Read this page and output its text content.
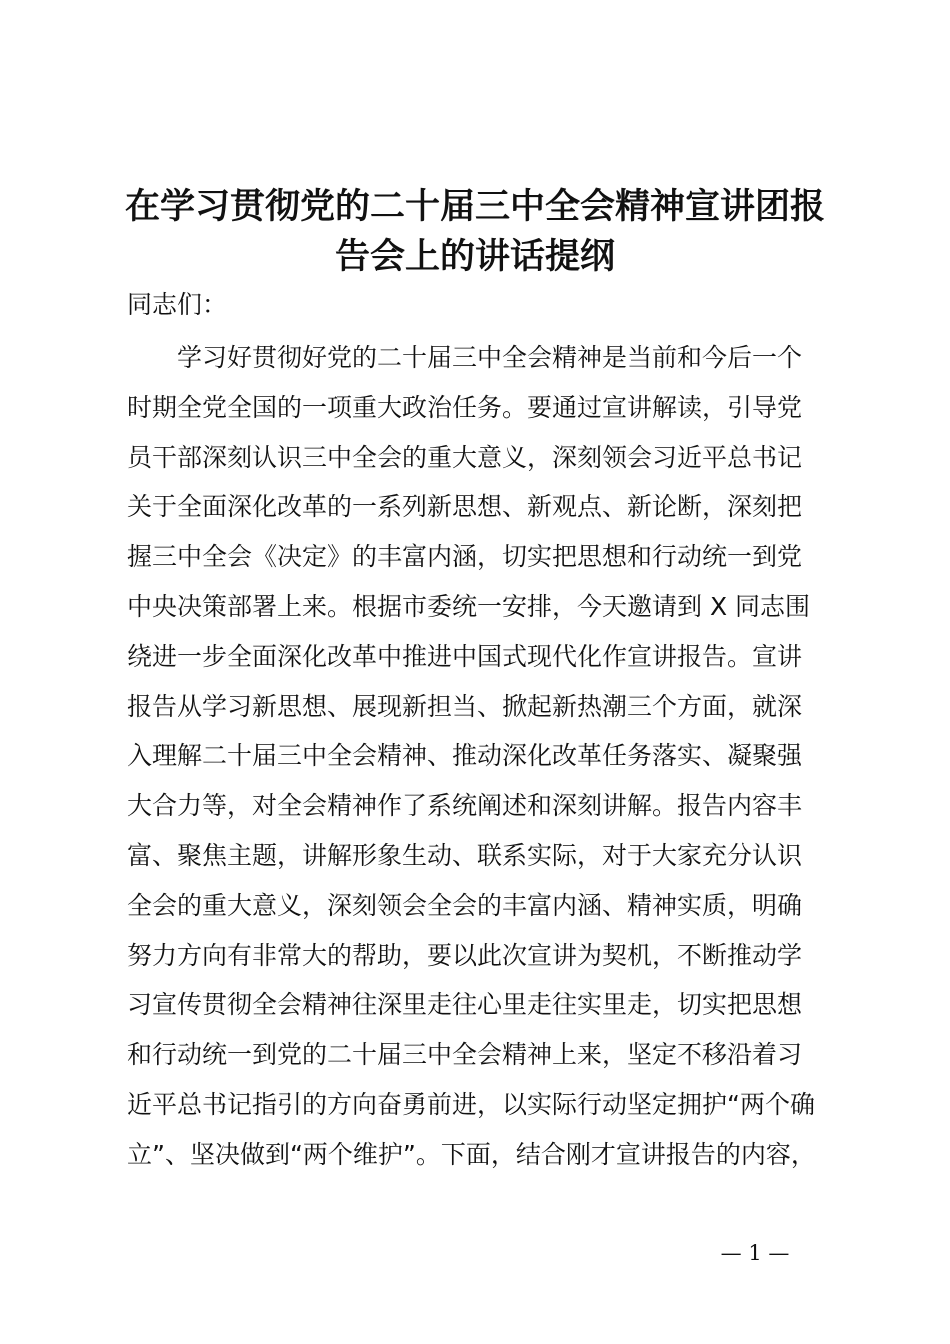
在学习贯彻党的二十届三中全会精神宣讲团报
告会上的讲话提纲

同志们：

学习好贯彻好党的二十届三中全会精神是当前和今后一个
时期全党全国的一项重大政治任务。要通过宣讲解读，引导党
员干部深刻认识三中全会的重大意义，深刻领会习近平总书记
关于全面深化改革的一系列新思想、新观点、新论断，深刻把
握三中全会《决定》的丰富内涵，切实把思想和行动统一到党
中央决策部署上来。根据市委统一安排，今天邀请到 X 同志围
绕进一步全面深化改革中推进中国式现代化作宣讲报告。宣讲
报告从学习新思想、展现新担当、掀起新热潮三个方面，就深
入理解二十届三中全会精神、推动深化改革任务落实、凝聚强
大合力等，对全会精神作了系统阐述和深刻讲解。报告内容丰
富、聚焦主题，讲解形象生动、联系实际，对于大家充分认识
全会的重大意义，深刻领会全会的丰富内涵、精神实质，明确
努力方向有非常大的帮助，要以此次宣讲为契机，不断推动学
习宣传贯彻全会精神往深里走往心里走往实里走，切实把思想
和行动统一到党的二十届三中全会精神上来，坚定不移沿着习
近平总书记指引的方向奋勇前进，以实际行动坚定拥护“两个确
立”、坚决做到“两个维护”。下面，结合刚才宣讲报告的内容，
— 1 —
